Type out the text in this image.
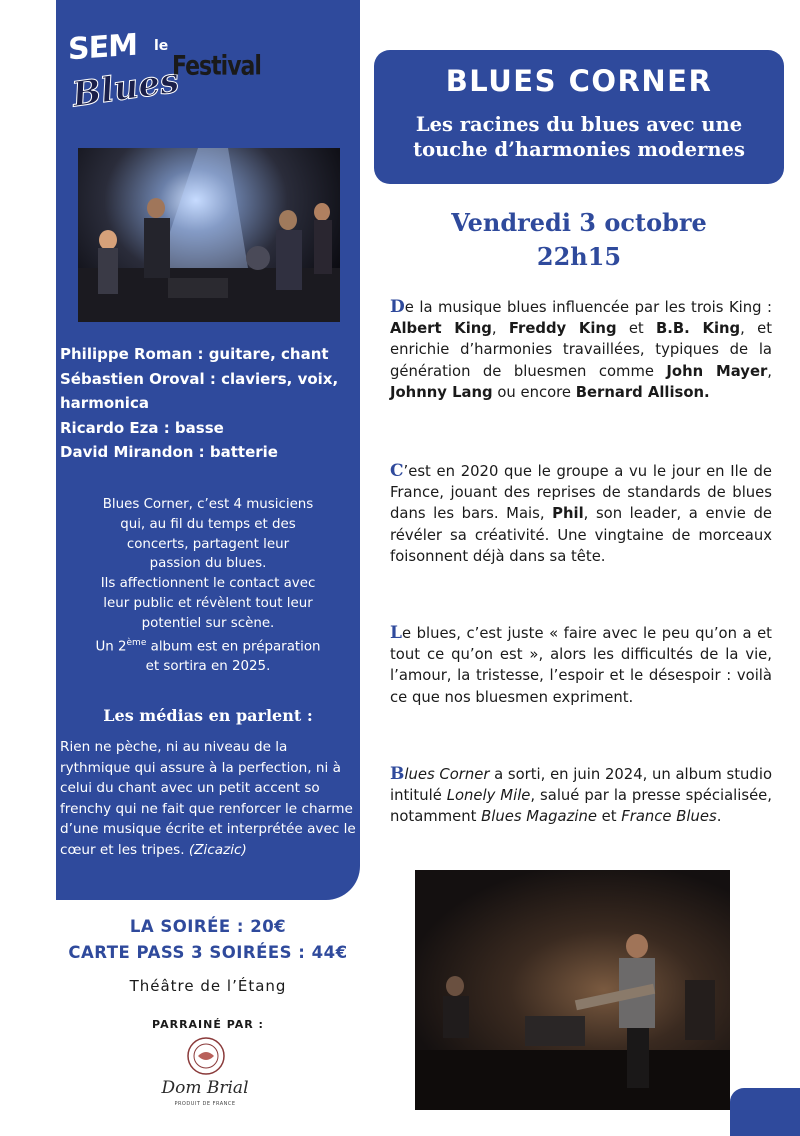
SEM le
Blues
Festival
Philippe Roman : guitare, chant
Sébastien Oroval : claviers, voix,
harmonica
Ricardo Eza : basse
David Mirandon : batterie
Blues Corner, c’est 4 musiciens
qui, au fil du temps et des
concerts, partagent leur
passion du blues.
Ils affectionnent le contact avec
leur public et révèlent tout leur
potentiel sur scène.
Un 2ème album est en préparation
et sortira en 2025.
Les médias en parlent :
Rien ne pèche, ni au niveau de la rythmique qui assure à la perfection, ni à celui du chant avec un petit accent so frenchy qui ne fait que renforcer le charme d’une musique écrite et interprétée avec le cœur et les tripes. (Zicazic)
LA SOIRÉE : 20€
CARTE PASS 3 SOIRÉES : 44€
Théâtre de l’Étang
PARRAINÉ PAR :
Dom Brial
PRODUIT DE FRANCE
BLUES CORNER
Les racines du blues avec une
touche d’harmonies modernes
Vendredi 3 octobre
22h15
De la musique blues influencée par les trois King : Albert King, Freddy King et B.B. King, et enrichie d’harmonies travaillées, typiques de la génération de bluesmen comme John Mayer, Johnny Lang ou encore Bernard Allison.
C’est en 2020 que le groupe a vu le jour en Ile de France, jouant des reprises de standards de blues dans les bars. Mais, Phil, son leader, a envie de révéler sa créativité. Une vingtaine de morceaux foisonnent déjà dans sa tête.
Le blues, c’est juste « faire avec le peu qu’on a et tout ce qu’on est », alors les difficultés de la vie, l’amour, la tristesse, l’espoir et le désespoir : voilà ce que nos bluesmen expriment.
Blues Corner a sorti, en juin 2024, un album studio intitulé Lonely Mile, salué par la presse spécialisée, notamment Blues Magazine et France Blues.
